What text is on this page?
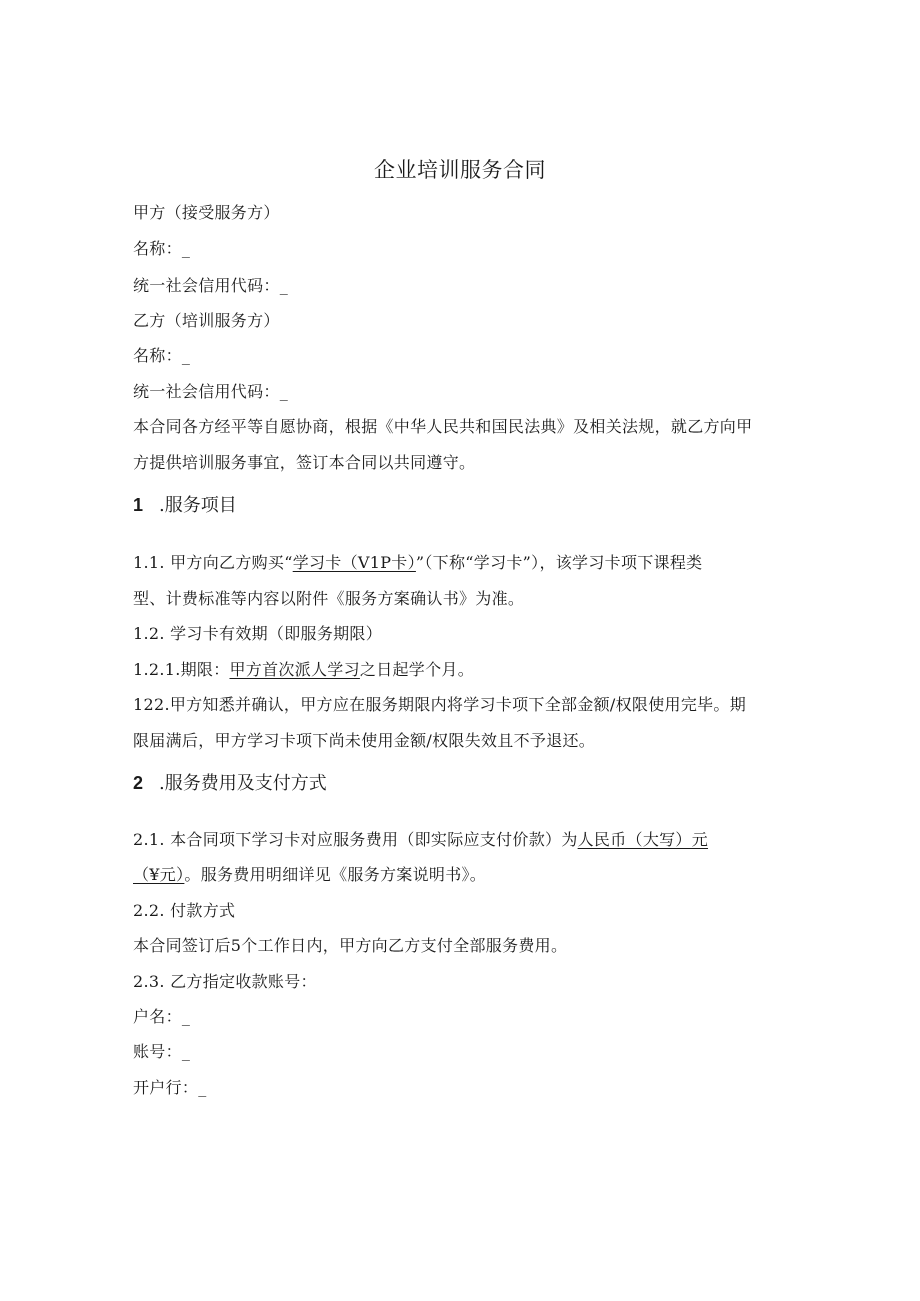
企业培训服务合同
甲方（接受服务方）
名称：_
统一社会信用代码：_
乙方（培训服务方）
名称：_
统一社会信用代码：_
本合同各方经平等自愿协商，根据《中华人民共和国民法典》及相关法规，就乙方向甲
方提供培训服务事宜，签订本合同以共同遵守。
1 .服务项目
1.1. 甲方向乙方购买“学习卡（V1P卡）”（下称“学习卡”），该学习卡项下课程类
型、计费标准等内容以附件《服务方案确认书》为准。
1.2. 学习卡有效期（即服务期限）
1.2.1.期限：甲方首次派人学习之日起学个月。
122.甲方知悉并确认，甲方应在服务期限内将学习卡项下全部金额/权限使用完毕。期
限届满后，甲方学习卡项下尚未使用金额/权限失效且不予退还。
2 .服务费用及支付方式
2.1. 本合同项下学习卡对应服务费用（即实际应支付价款）为人民币（大写）元
（¥元）。服务费用明细详见《服务方案说明书》。
2.2. 付款方式
本合同签订后5个工作日内，甲方向乙方支付全部服务费用。
2.3. 乙方指定收款账号：
户名：_
账号：_
开户行：_
